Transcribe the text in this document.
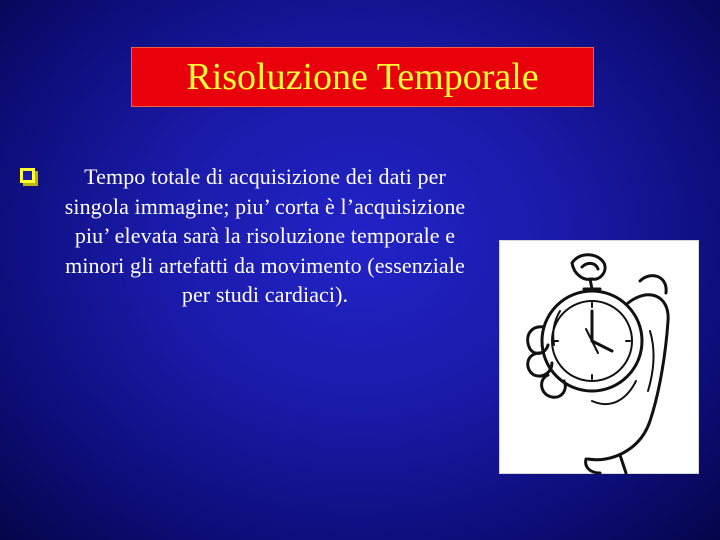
Risoluzione Temporale
Tempo totale di acquisizione dei dati per singola immagine; piu’ corta è l’acquisizione piu’ elevata sarà la risoluzione temporale e minori gli artefatti da movimento (essenziale per studi cardiaci).
